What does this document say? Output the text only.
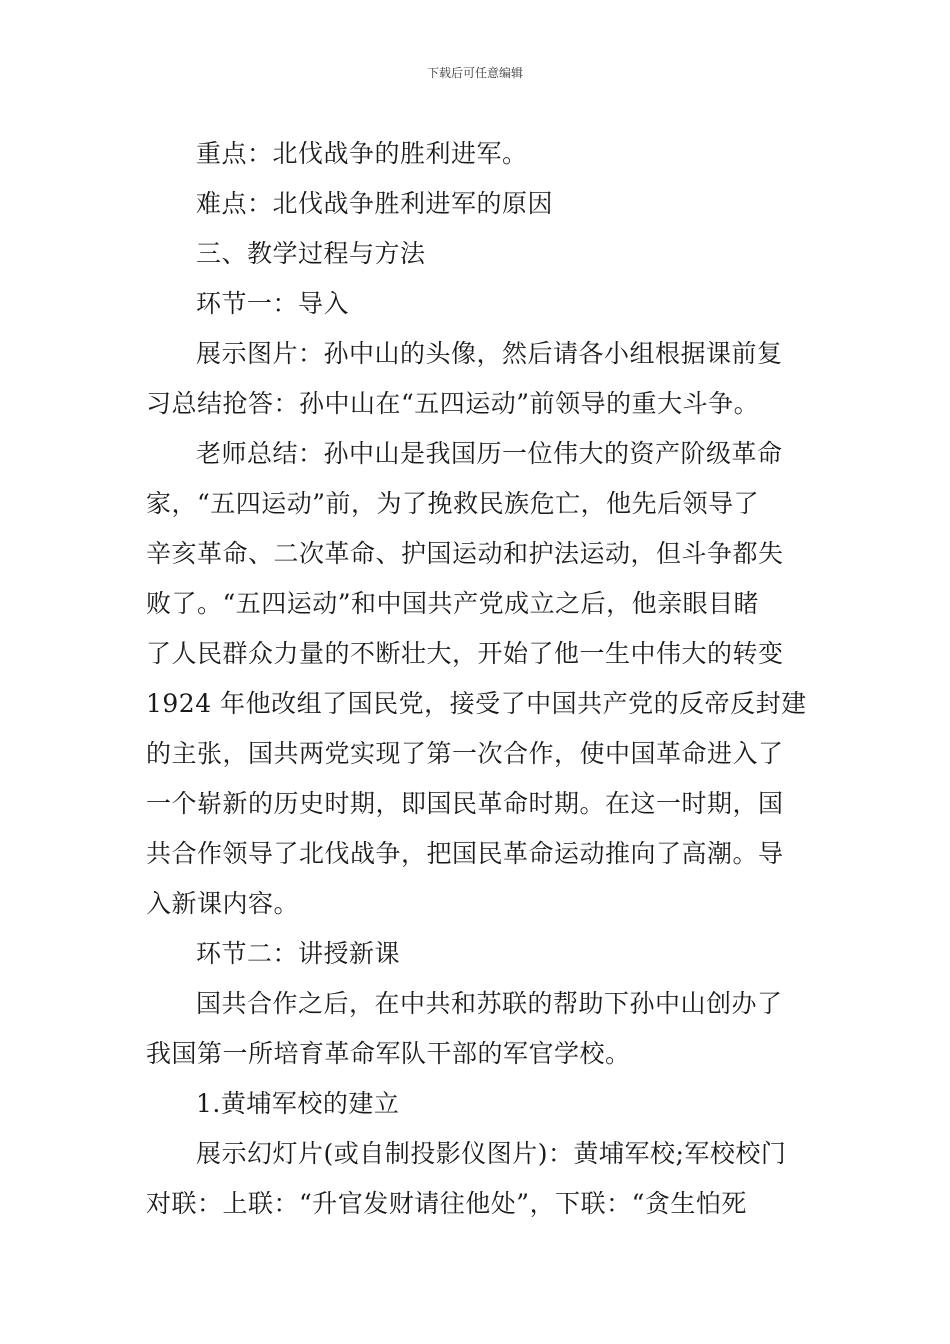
下载后可任意编辑

重点：北伐战争的胜利进军。

难点：北伐战争胜利进军的原因

三、教学过程与方法

环节一：导入

展示图片：孙中山的头像，然后请各小组根据课前复

习总结抢答：孙中山在“五四运动”前领导的重大斗争。

老师总结：孙中山是我国历一位伟大的资产阶级革命

家，“五四运动”前，为了挽救民族危亡，他先后领导了

辛亥革命、二次革命、护国运动和护法运动，但斗争都失

败了。“五四运动”和中国共产党成立之后，他亲眼目睹

了人民群众力量的不断壮大，开始了他一生中伟大的转变

1924 年他改组了国民党，接受了中国共产党的反帝反封建

的主张，国共两党实现了第一次合作，使中国革命进入了

一个崭新的历史时期，即国民革命时期。在这一时期，国

共合作领导了北伐战争，把国民革命运动推向了高潮。导

入新课内容。

环节二：讲授新课

国共合作之后，在中共和苏联的帮助下孙中山创办了

我国第一所培育革命军队干部的军官学校。

1.黄埔军校的建立

展示幻灯片(或自制投影仪图片)：黄埔军校;军校校门

对联：上联：“升官发财请往他处”，下联：“贪生怕死
